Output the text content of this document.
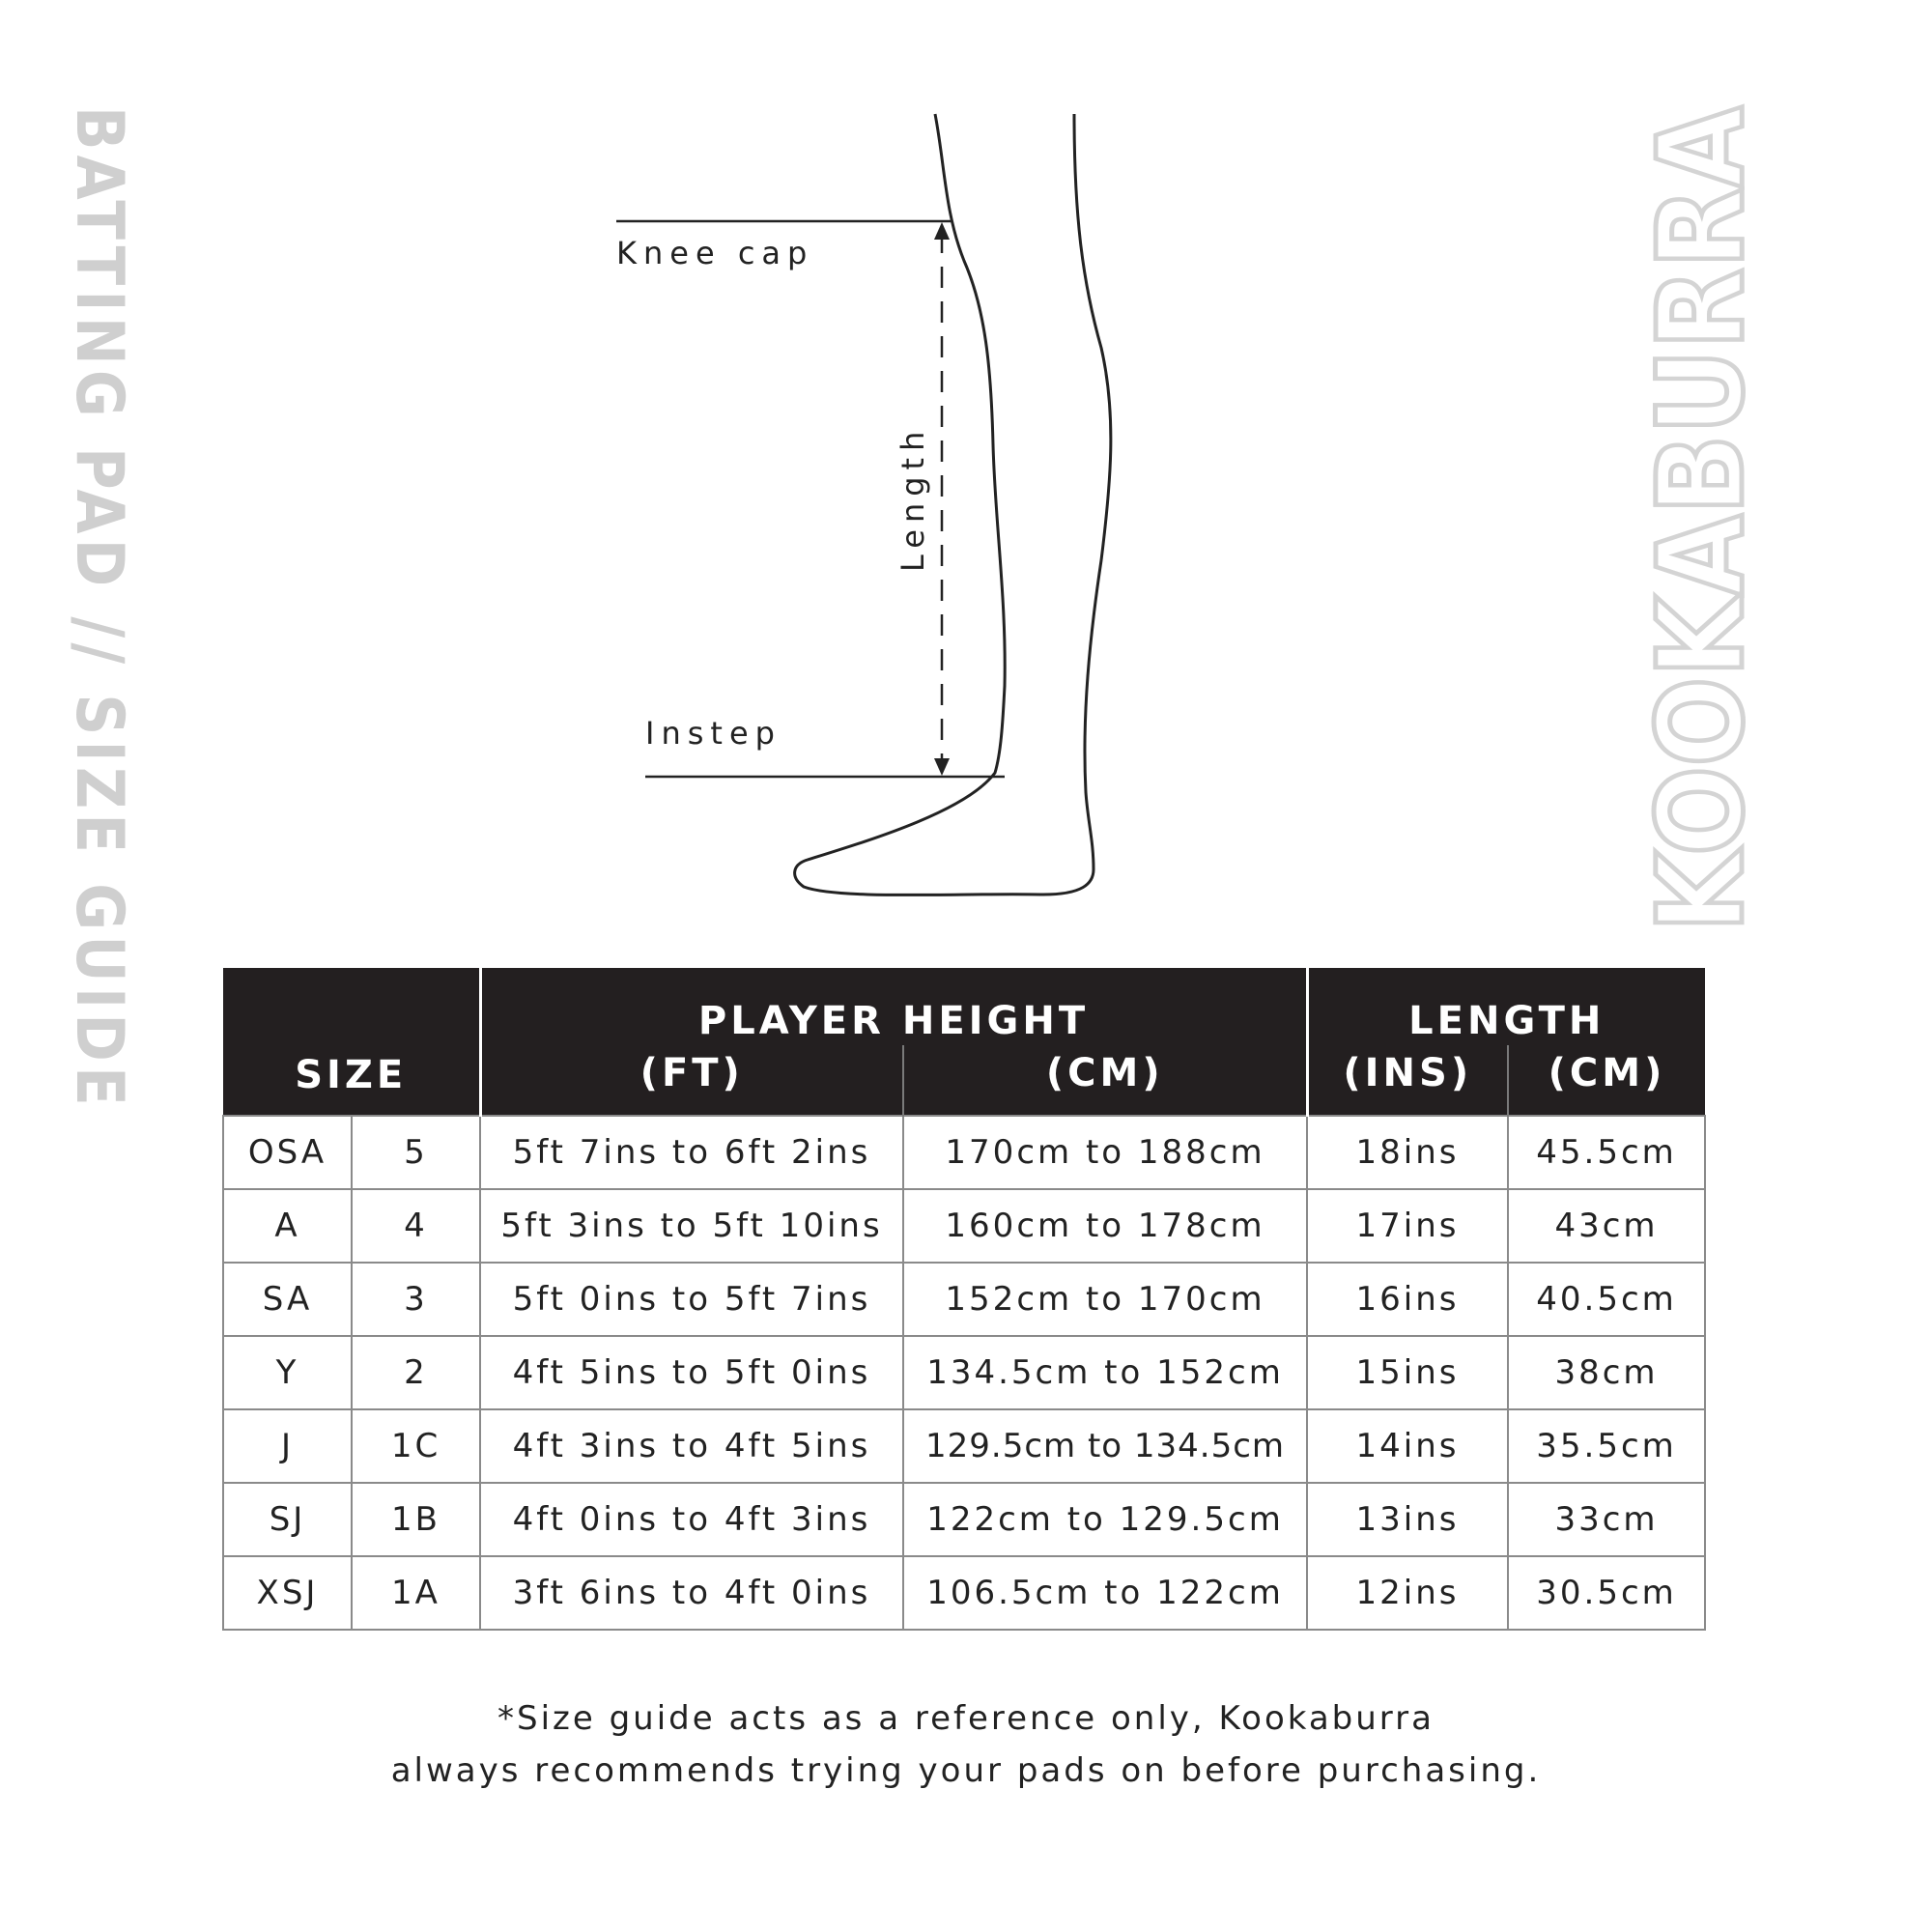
BATTING PAD // SIZE GUIDE	KOOKABURRA
Knee cap
Instep
Length
SIZE		PLAYER HEIGHT		LENGTH	
		(FT)	(CM)	(INS)	(CM)
OSA	5	5ft 7ins to 6ft 2ins	170cm to 188cm	18ins	45.5cm
A	4	5ft 3ins to 5ft 10ins	160cm to 178cm	17ins	43cm
SA	3	5ft 0ins to 5ft 7ins	152cm to 170cm	16ins	40.5cm
Y	2	4ft 5ins to 5ft 0ins	134.5cm to 152cm	15ins	38cm
J	1C	4ft 3ins to 4ft 5ins	129.5cm to 134.5cm	14ins	35.5cm
SJ	1B	4ft 0ins to 4ft 3ins	122cm to 129.5cm	13ins	33cm
XSJ	1A	3ft 6ins to 4ft 0ins	106.5cm to 122cm	12ins	30.5cm
*Size guide acts as a reference only, Kookaburra
always recommends trying your pads on before purchasing.
